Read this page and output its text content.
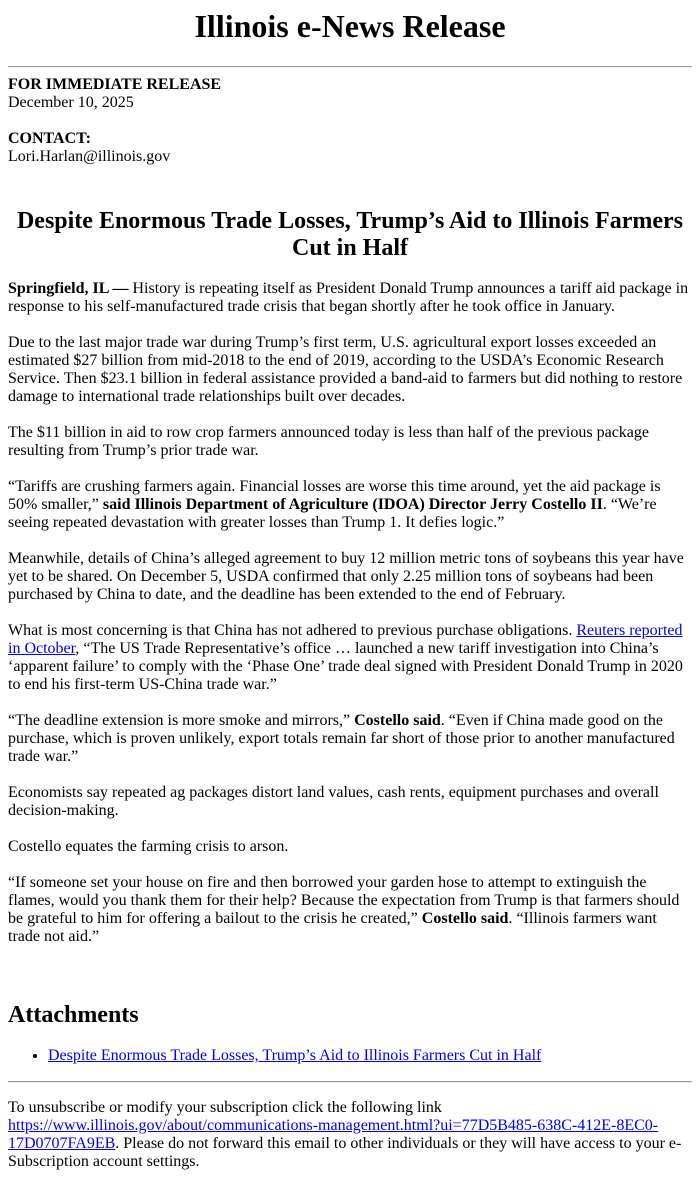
Illinois e-News Release
FOR IMMEDIATE RELEASE
December 10, 2025

CONTACT:
Lori.Harlan@illinois.gov
Despite Enormous Trade Losses, Trump’s Aid to Illinois Farmers Cut in Half

Springfield, IL — History is repeating itself as President Donald Trump announces a tariff aid package in response to his self-manufactured trade crisis that began shortly after he took office in January.

Due to the last major trade war during Trump’s first term, U.S. agricultural export losses exceeded an estimated $27 billion from mid-2018 to the end of 2019, according to the USDA’s Economic Research Service. Then $23.1 billion in federal assistance provided a band-aid to farmers but did nothing to restore damage to international trade relationships built over decades.

The $11 billion in aid to row crop farmers announced today is less than half of the previous package resulting from Trump’s prior trade war.

“Tariffs are crushing farmers again. Financial losses are worse this time around, yet the aid package is 50% smaller,” said Illinois Department of Agriculture (IDOA) Director Jerry Costello II. “We’re seeing repeated devastation with greater losses than Trump 1. It defies logic.”

Meanwhile, details of China’s alleged agreement to buy 12 million metric tons of soybeans this year have yet to be shared. On December 5, USDA confirmed that only 2.25 million tons of soybeans had been purchased by China to date, and the deadline has been extended to the end of February.

What is most concerning is that China has not adhered to previous purchase obligations. Reuters reported in October, “The US Trade Representative’s office … launched a new tariff investigation into China’s ‘apparent failure’ to comply with the ‘Phase One’ trade deal signed with President Donald Trump in 2020 to end his first-term US-China trade war.”

“The deadline extension is more smoke and mirrors,” Costello said. “Even if China made good on the purchase, which is proven unlikely, export totals remain far short of those prior to another manufactured trade war.”

Economists say repeated ag packages distort land values, cash rents, equipment purchases and overall decision-making.

Costello equates the farming crisis to arson.

“If someone set your house on fire and then borrowed your garden hose to attempt to extinguish the flames, would you thank them for their help? Because the expectation from Trump is that farmers should be grateful to him for offering a bailout to the crisis he created,” Costello said. “Illinois farmers want trade not aid.”

Attachments
• Despite Enormous Trade Losses, Trump’s Aid to Illinois Farmers Cut in Half
To unsubscribe or modify your subscription click the following link https://www.illinois.gov/about/communications-management.html?ui=77D5B485-638C-412E-8EC0-17D0707FA9EB. Please do not forward this email to other individuals or they will have access to your e-Subscription account settings.
